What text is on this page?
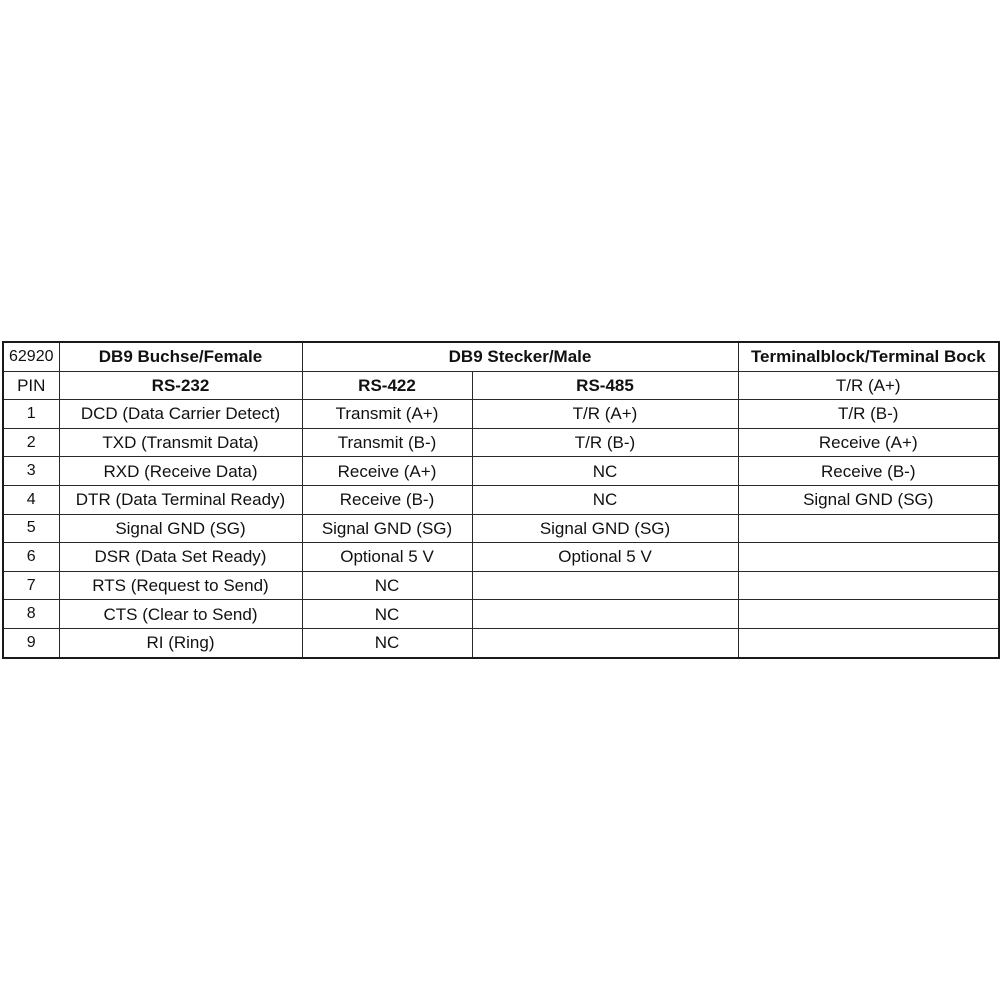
62920	DB9 Buchse/Female	DB9 Stecker/Male		Terminalblock/Terminal Bock
PIN	RS-232	RS-422	RS-485	T/R (A+)
1	DCD (Data Carrier Detect)	Transmit (A+)	T/R (A+)	T/R (B-)
2	TXD (Transmit Data)	Transmit (B-)	T/R (B-)	Receive (A+)
3	RXD (Receive Data)	Receive (A+)	NC	Receive (B-)
4	DTR (Data Terminal Ready)	Receive (B-)	NC	Signal GND (SG)
5	Signal GND (SG)	Signal GND (SG)	Signal GND (SG)	
6	DSR (Data Set Ready)	Optional 5 V	Optional 5 V	
7	RTS (Request to Send)	NC		
8	CTS (Clear to Send)	NC		
9	RI (Ring)	NC		
